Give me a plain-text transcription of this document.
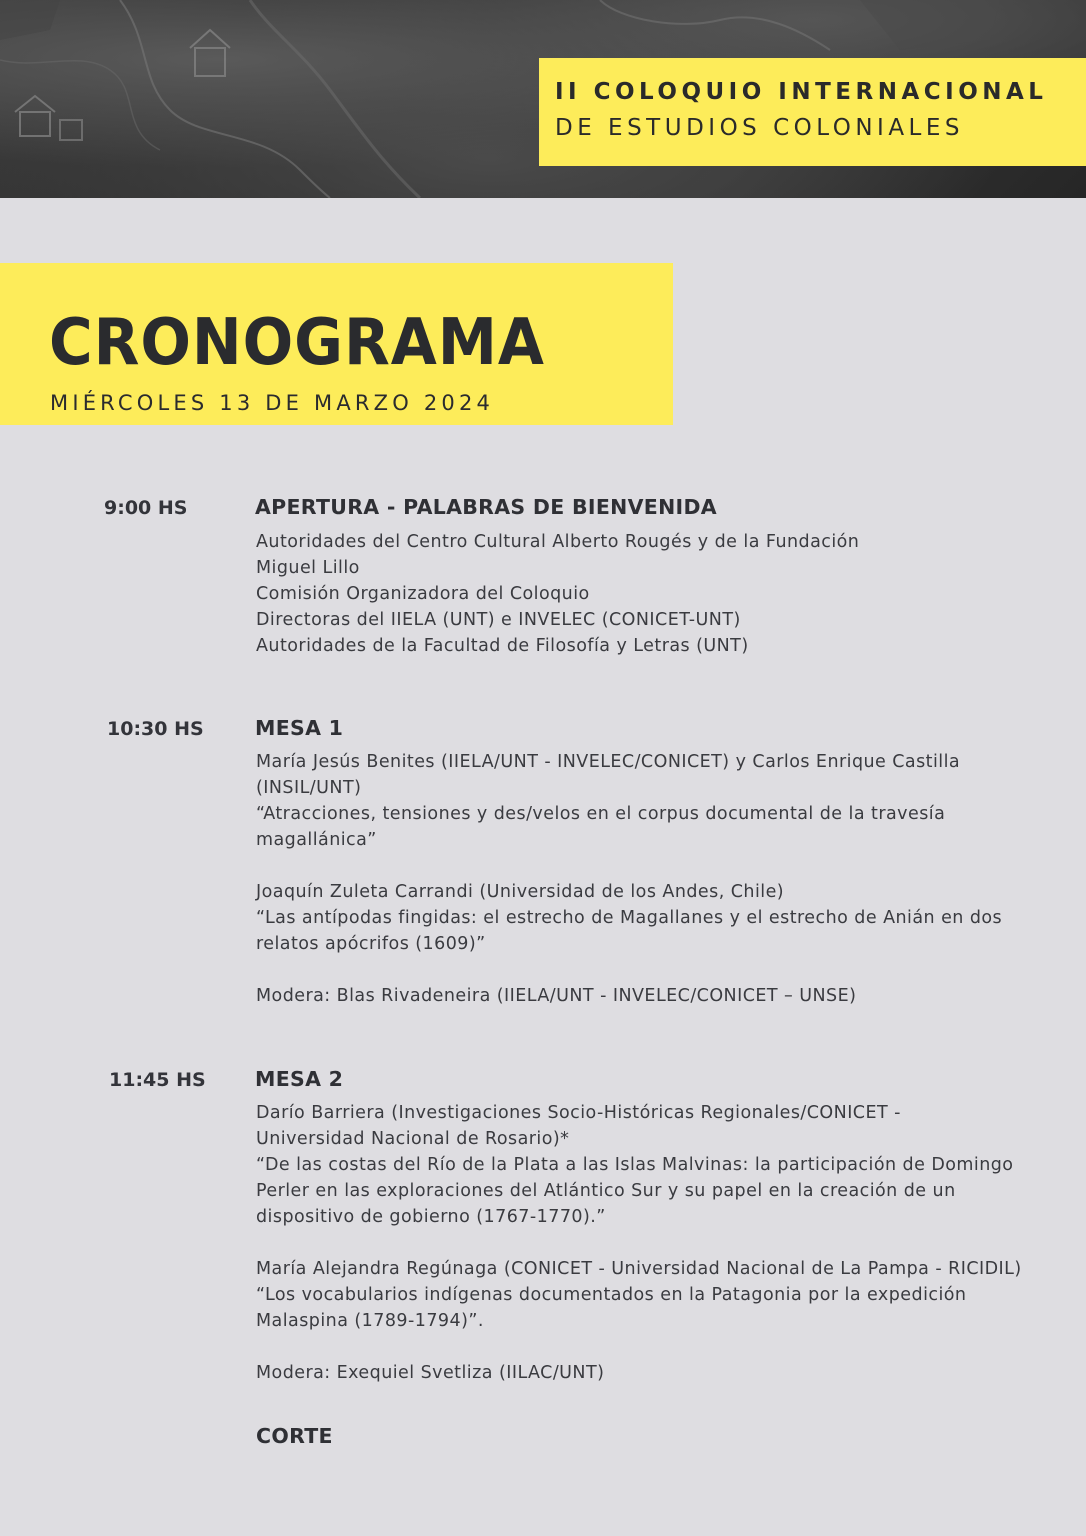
II COLOQUIO INTERNACIONAL
DE ESTUDIOS COLONIALES
CRONOGRAMA
MIÉRCOLES 13 DE MARZO 2024
9:00 HS	APERTURA - PALABRAS DE BIENVENIDA
Autoridades del Centro Cultural Alberto Rougés y de la Fundación
Miguel Lillo
Comisión Organizadora del Coloquio
Directoras del IIELA (UNT) e INVELEC (CONICET-UNT)
Autoridades de la Facultad de Filosofía y Letras (UNT)
10:30 HS	MESA 1
María Jesús Benites (IIELA/UNT - INVELEC/CONICET) y Carlos Enrique Castilla
(INSIL/UNT)
“Atracciones, tensiones y des/velos en el corpus documental de la travesía
magallánica”
Joaquín Zuleta Carrandi (Universidad de los Andes, Chile)
“Las antípodas fingidas: el estrecho de Magallanes y el estrecho de Anián en dos
relatos apócrifos (1609)”
Modera: Blas Rivadeneira (IIELA/UNT - INVELEC/CONICET – UNSE)
11:45 HS MESA 2
Darío Barriera (Investigaciones Socio-Históricas Regionales/CONICET -
Universidad Nacional de Rosario)*
“De las costas del Río de la Plata a las Islas Malvinas: la participación de Domingo
Perler en las exploraciones del Atlántico Sur y su papel en la creación de un
dispositivo de gobierno (1767-1770).”
María Alejandra Regúnaga (CONICET - Universidad Nacional de La Pampa - RICIDIL)
“Los vocabularios indígenas documentados en la Patagonia por la expedición
Malaspina (1789-1794)”.
Modera: Exequiel Svetliza (IILAC/UNT)
CORTE
